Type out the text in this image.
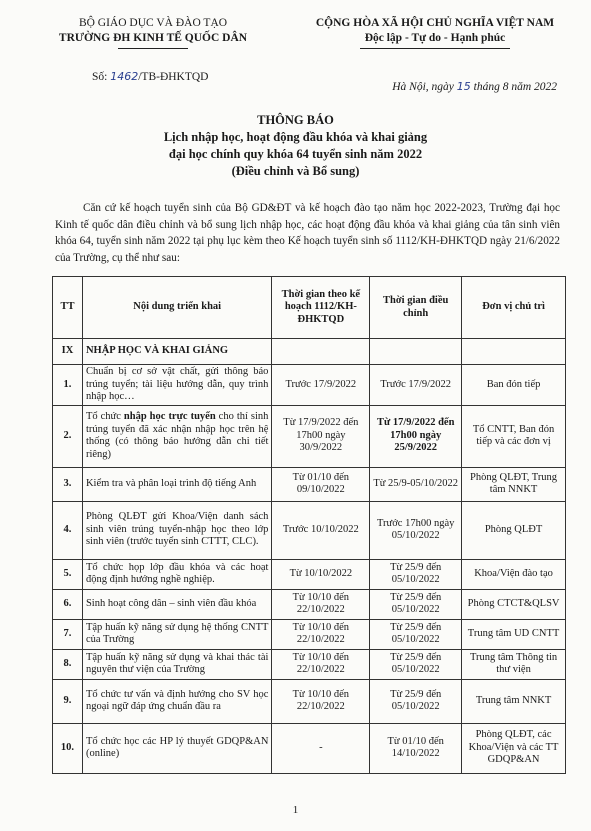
BỘ GIÁO DỤC VÀ ĐÀO TẠO

TRƯỜNG ĐH KINH TẾ QUỐC DÂN
CỘNG HÒA XÃ HỘI CHỦ NGHĨA VIỆT NAM
Độc lập - Tự do - Hạnh phúc
Số: 1462/TB-ĐHKTQD
Hà Nội, ngày 15 tháng 8 năm 2022
THÔNG BÁO
Lịch nhập học, hoạt động đầu khóa và khai giảng
đại học chính quy khóa 64 tuyển sinh năm 2022
(Điều chỉnh và Bổ sung)
Căn cứ kế hoạch tuyển sinh của Bộ GD&ĐT và kế hoạch đào tạo năm học 2022-2023, Trường đại học Kinh tế quốc dân điều chỉnh và bổ sung lịch nhập học, các hoạt động đầu khóa và khai giảng của tân sinh viên khóa 64, tuyển sinh năm 2022 tại phụ lục kèm theo Kế hoạch tuyển sinh số 1112/KH-ĐHKTQD ngày 21/6/2022 của Trường, cụ thể như sau:
TT	Nội dung triển khai	Thời gian theo kế hoạch 1112/KH-ĐHKTQD	Thời gian điều chỉnh	Đơn vị chủ trì
IX	NHẬP HỌC VÀ KHAI GIẢNG			
1.	Chuẩn bị cơ sở vật chất, gửi thông báo trúng tuyển; tài liệu hướng dẫn, quy trình nhập học…	Trước 17/9/2022	Trước 17/9/2022	Ban đón tiếp
2.	Tổ chức nhập học trực tuyến cho thí sinh trúng tuyển đã xác nhận nhập học trên hệ thống (có thông báo hướng dẫn chi tiết riêng)	Từ 17/9/2022 đến 17h00 ngày 30/9/2022	Từ 17/9/2022 đến 17h00 ngày 25/9/2022	Tổ CNTT, Ban đón tiếp và các đơn vị
3.	Kiểm tra và phân loại trình độ tiếng Anh	Từ 01/10 đến 09/10/2022	Từ 25/9-05/10/2022	Phòng QLĐT, Trung tâm NNKT
4.	Phòng QLĐT gửi Khoa/Viện danh sách sinh viên trúng tuyển-nhập học theo lớp sinh viên (trước tuyển sinh CTTT, CLC).	Trước 10/10/2022	Trước 17h00 ngày 05/10/2022	Phòng QLĐT
5.	Tổ chức họp lớp đầu khóa và các hoạt động định hướng nghề nghiệp.	Từ 10/10/2022	Từ 25/9 đến 05/10/2022	Khoa/Viện đào tạo
6.	Sinh hoạt công dân – sinh viên đầu khóa	Từ 10/10 đến 22/10/2022	Từ 25/9 đến 05/10/2022	Phòng CTCT&QLSV
7.	Tập huấn kỹ năng sử dụng hệ thống CNTT của Trường	Từ 10/10 đến 22/10/2022	Từ 25/9 đến 05/10/2022	Trung tâm UD CNTT
8.	Tập huấn kỹ năng sử dụng và khai thác tài nguyên thư viện của Trường	Từ 10/10 đến 22/10/2022	Từ 25/9 đến 05/10/2022	Trung tâm Thông tin thư viện
9.	Tổ chức tư vấn và định hướng cho SV học ngoại ngữ đáp ứng chuẩn đầu ra	Từ 10/10 đến 22/10/2022	Từ 25/9 đến 05/10/2022	Trung tâm NNKT
10.	Tổ chức học các HP lý thuyết GDQP&AN (online)	-	Từ 01/10 đến 14/10/2022	Phòng QLĐT, các Khoa/Viện và các TT GDQP&AN
1
